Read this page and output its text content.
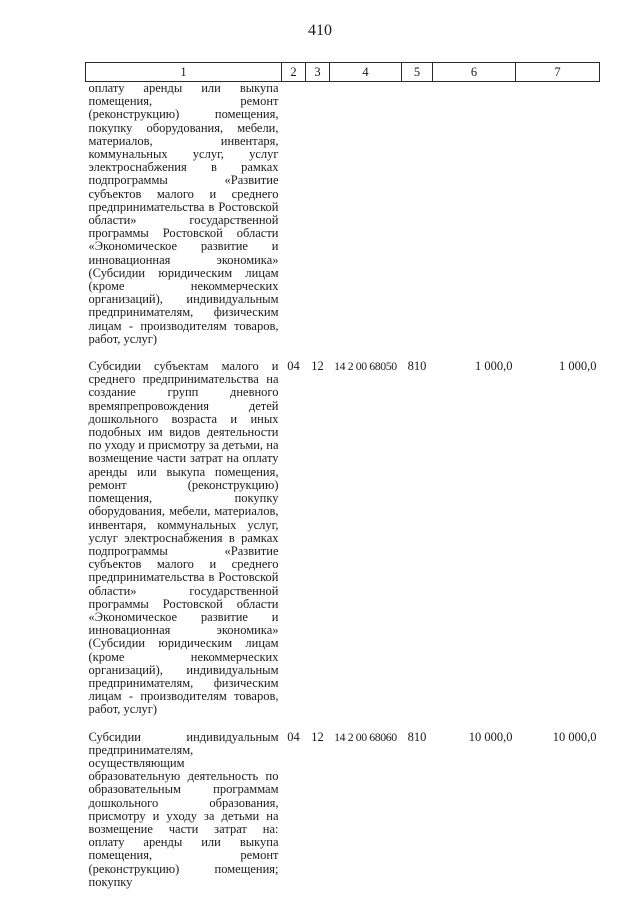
410
1	2	3	4	5	6	7
оплату аренды или выкупа помещения, ремонт (реконструкцию) помещения, покупку оборудования, мебели, материалов, инвентаря, коммунальных услуг, услуг электроснабжения в рамках подпрограммы «Развитие субъектов малого и среднего предпринимательства в Ростовской области» государственной программы Ростовской области «Экономическое развитие и инновационная экономика» (Субсидии юридическим лицам (кроме некоммерческих организаций), индивидуальным предпринимателям, физическим лицам - производителям товаров, работ, услуг)						
Субсидии субъектам малого и среднего предпринимательства на создание групп дневного времяпрепровождения детей дошкольного возраста и иных подобных им видов деятельности по уходу и присмотру за детьми, на возмещение части затрат на оплату аренды или выкупа помещения, ремонт (реконструкцию) помещения, покупку оборудования, мебели, материалов, инвентаря, коммунальных услуг, услуг электроснабжения в рамках подпрограммы «Развитие субъектов малого и среднего предпринимательства в Ростовской области» государственной программы Ростовской области «Экономическое развитие и инновационная экономика» (Субсидии юридическим лицам (кроме некоммерческих организаций), индивидуальным предпринимателям, физическим лицам - производителям товаров, работ, услуг)	04	12	14 2 00 68050	810	1 000,0	1 000,0
Субсидии индивидуальным предпринимателям, осуществляющим образовательную деятельность по образовательным программам дошкольного образования, присмотру и уходу за детьми на возмещение части затрат на: оплату аренды или выкупа помещения, ремонт (реконструкцию) помещения; покупку	04	12	14 2 00 68060	810	10 000,0	10 000,0
